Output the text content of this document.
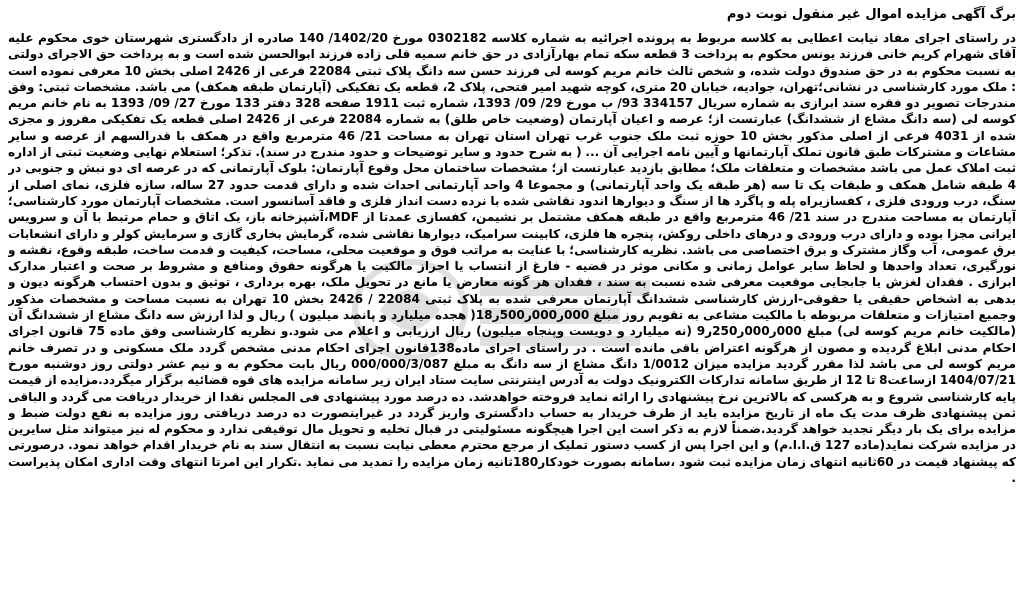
برگ آگهی مزایده اموال غیر منقول نوبت دوم

در راستای اجرای مفاد نیابت اعطایی به کلاسه مربوط به پرونده اجرائیه به شماره کلاسه 0302182 مورخ 1402/20/ 140 صادره از دادگستری شهرستان خوی محکوم علیه آقای شهرام کریم خانی فرزند یونس محکوم به پرداخت 3 قطعه سکه تمام بهارآزادی در حق خانم سمیه قلی زاده فرزند ابوالحسن شده است و به پرداخت حق الاجرای دولتی به نسبت محکوم به در حق صندوق دولت شده، و شخص ثالث خانم مریم کوسه لی فرزند حسن سه دانگ پلاک ثبتی 22084 فرعی از 2426 اصلی بخش 10 معرفی نموده است : ملک مورد کارشناسی در نشانی؛تهران، جوادیه، خیابان 20 متری، کوچه شهید امیر فتحی، پلاک 2، قطعه یک تفکیکی (آپارتمان طبقه همکف) می باشد. مشخصات ثبتی: وفق مندرجات تصویر دو فقره سند ابرازی به شماره سریال 334157 93/ ب مورخ 29/ 09/ 1393، شماره ثبت 1911 صفحه 328 دفتر 133 مورخ 27/ 09/ 1393 به نام خانم مریم کوسه لی (سه دانگ مشاع از ششدانگ) عبارتست از؛ عرصه و اعیان آپارتمان (وضعیت خاص طلق) به شماره 22084 فرعی از 2426 اصلی قطعه یک تفکیکی مفروز و مجزی شده از 4031 فرعی از اصلی مذکور بخش 10 حوزه ثبت ملک جنوب غرب تهران استان تهران به مساحت 21/ 46 مترمربع واقع در همکف با قدرالسهم از عرصه و سایر مشاعات و مشترکات طبق قانون تملک آپارتمانها و آیین نامه اجرایی آن ... ( به شرح حدود و سایر توضیحات و حدود مندرج در سند). تذکر؛ استعلام نهایی وضعیت ثبتی از اداره ثبت املاک عمل می باشد مشخصات و متعلقات ملک؛ مطابق بازدید عبارتست از؛ مشخصات ساختمان محل وقوع آپارتمان: بلوک آپارتمانی که در عرصه ای دو نبش و جنوبی در 4 طبقه شامل همکف و طبقات یک تا سه (هر طبقه یک واحد آپارتمانی) و مجموعا 4 واحد آپارتمانی احداث شده و دارای قدمت حدود 27 ساله، سازه فلزی، نمای اصلی از سنگ، درب ورودی فلزی ، کفسازیراه پله و پاگرد ها از سنگ و دیوارها اندود نقاشی شده با نرده دست انداز فلزی و فاقد آسانسور است. مشخصات آپارتمان مورد کارشناسی؛ آپارتمان به مساحت مندرج در سند 21/ 46 مترمربع واقع در طبقه همکف مشتمل بر نشیمن، کفسازی عمدتا از MDF،آشپزخانه باز، یک اتاق و حمام مرتبط با آن و سرویس ایرانی مجزا بوده و دارای درب ورودی و درهای داخلی روکش، پنجره ها فلزی، کابینت سرامیک، دیوارها نقاشی شده، گرمایش بخاری گازی و سرمایش کولر و دارای انشعابات برق عمومی، آب وگاز مشترک و برق اختصاصی می باشد. نظریه کارشناسی؛ با عنایت به مراتب فوق و موقعیت محلی، مساحت، کیفیت و قدمت ساخت، طبقه وقوع، نقشه و نورگیری، تعداد واحدها و لحاظ سایر عوامل زمانی و مکانی موثر در قضیه - فارغ از انتساب یا احراز مالکیت یا هرگونه حقوق ومنافع و مشروط بر صحت و اعتبار مدارک ابرازی . فقدان لغزش یا جابجایی موقعیت معرفی شده نسبت به سند ، فقدان هر گونه معارض یا مانع در تحویل ملک، بهره برداری ، توثیق و بدون احتساب هرگونه دیون و بدهی به اشخاص حقیقی یا حقوقی-ارزش کارشناسی ششدانگ آپارتمان معرفی شده به پلاک ثبتی 22084 / 2426 بخش 10 تهران به نسبت مساحت و مشخصات مذکور وجمیع امتیازات و متعلقات مربوطه با مالکیت مشاعی به تقویم روز مبلغ 000ر000ر500ر18( هجده میلیارد و پانصد میلیون ) ریال و لذا ارزش سه دانگ مشاع از ششدانگ آن (مالکیت خانم مریم کوسه لی) مبلغ 000ر000ر250ر9 (نه میلیارد و دویست وپنجاه میلیون) ریال ارزیابی و اعلام می شود.و نظریه کارشناسی وفق ماده 75 قانون اجرای احکام مدنی ابلاغ گردیده و مصون از هرگونه اعتراض باقی مانده است . در راستای اجرای ماده138قانون اجرای احکام مدنی مشخص گردد ملک مسکونی و در تصرف خانم مریم کوسه لی می باشد لذا مقرر گردید مزایده میزان 1/0012 دانگ مشاع از سه دانگ به مبلغ 000/000/3/087 ریال بابت محکوم به و نیم عشر دولتی روز دوشنبه مورخ 1404/07/21 ازساعت8 تا 12 از طریق سامانه تدارکات الکترونیک دولت به آدرس اینترنتی سایت ستاد ایران زیر سامانه مزایده های قوه قضائیه برگزار میگردد.مزایده از قیمت پایه کارشناسی شروع و به هرکسی که بالاترین نرخ پیشنهادی را ارائه نماید فروخته خواهدشد. ده درصد مورد پیشنهادی فی المجلس نقدا از خریدار دریافت می گردد و الباقی ثمن پیشنهادی ظرف مدت یک ماه از تاریخ مزایده باید از طرف خریدار به حساب دادگستری واریز گردد در غیراینصورت ده درصد دریافتی روز مزایده به نفع دولت ضبط و مزایده برای یک بار دیگر تجدید خواهد گردید.ضمناً لازم به ذکر است این اجرا هیچگونه مسئولیتی در قبال تخلیه و تحویل مال توقیفی ندارد و محکوم له نیز میتواند مثل سایرین در مزایده شرکت نماید(ماده 127 ق.ا.ا.م) و این اجرا پس از کسب دستور تملیک از مرجع محترم معطی نیابت نسبت به انتقال سند به نام خریدار اقدام خواهد نمود. درصورتی که پیشنهاد قیمت در 60ثانیه انتهای زمان مزایده ثبت شود ،سامانه بصورت خودکار180ثانیه زمان مزایده را تمدید می نماید .تکرار این امرتا انتهای وقت اداری امکان پذیراست .
